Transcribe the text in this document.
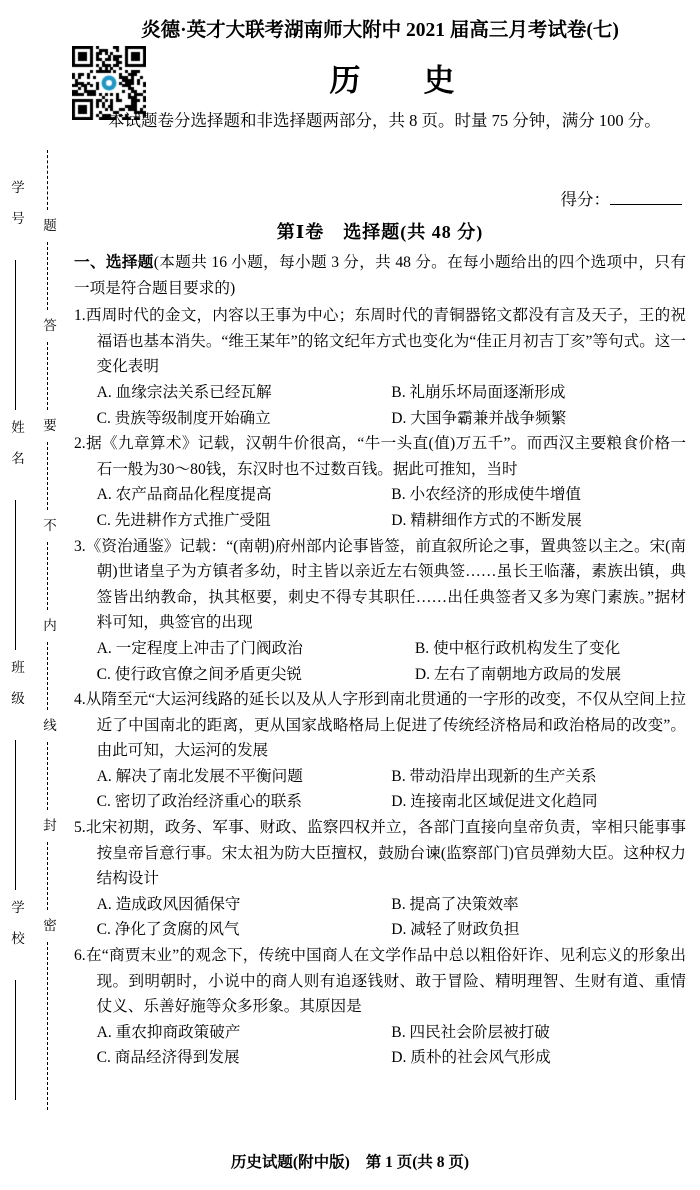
炎德·英才大联考湖南师大附中 2021 届高三月考试卷(七)
历　史
本试题卷分选择题和非选择题两部分，共 8 页。时量 75 分钟，满分 100 分。
得分：
第Ⅰ卷　选择题(共 48 分)

一、选择题(本题共 16 小题，每小题 3 分，共 48 分。在每小题给出的四个选项中，只有一项是符合题目要求的)

1.西周时代的金文，内容以王事为中心；东周时代的青铜器铭文都没有言及天子，王的祝福语也基本消失。“维王某年”的铭文纪年方式也变化为“佳正月初吉丁亥”等句式。这一变化表明
A. 血缘宗法关系已经瓦解	B. 礼崩乐坏局面逐渐形成
C. 贵族等级制度开始确立	D. 大国争霸兼并战争频繁
2.据《九章算术》记载，汉朝牛价很高，“牛一头直(值)万五千”。而西汉主要粮食价格一石一般为30～80钱，东汉时也不过数百钱。据此可推知，当时
A. 农产品商品化程度提高	B. 小农经济的形成使牛增值
C. 先进耕作方式推广受阻	D. 精耕细作方式的不断发展
3.《资治通鉴》记载：“(南朝)府州部内论事皆签，前直叙所论之事，置典签以主之。宋(南朝)世诸皇子为方镇者多幼，时主皆以亲近左右领典签……虽长王临藩，素族出镇，典签皆出纳教命，执其枢要，刺史不得专其职任……出任典签者又多为寒门素族。”据材料可知，典签官的出现
A. 一定程度上冲击了门阀政治	B. 使中枢行政机构发生了变化
C. 使行政官僚之间矛盾更尖锐	D. 左右了南朝地方政局的发展
4.从隋至元“大运河线路的延长以及从人字形到南北贯通的一字形的改变，不仅从空间上拉近了中国南北的距离，更从国家战略格局上促进了传统经济格局和政治格局的改变”。由此可知，大运河的发展
A. 解决了南北发展不平衡问题	B. 带动沿岸出现新的生产关系
C. 密切了政治经济重心的联系	D. 连接南北区域促进文化趋同
5.北宋初期，政务、军事、财政、监察四权并立，各部门直接向皇帝负责，宰相只能事事按皇帝旨意行事。宋太祖为防大臣擅权，鼓励台谏(监察部门)官员弹劾大臣。这种权力结构设计
A. 造成政风因循保守	B. 提高了决策效率
C. 净化了贪腐的风气	D. 减轻了财政负担
6.在“商贾末业”的观念下，传统中国商人在文学作品中总以粗俗奸诈、见利忘义的形象出现。到明朝时，小说中的商人则有追逐钱财、敢于冒险、精明理智、生财有道、重情仗义、乐善好施等众多形象。其原因是
A. 重农抑商政策破产	B. 四民社会阶层被打破
C. 商品经济得到发展	D. 质朴的社会风气形成
学　号
姓　名
班　级
学　校
题
答
要
不
内
线
封
密
历史试题(附中版) 第 1 页(共 8 页)
